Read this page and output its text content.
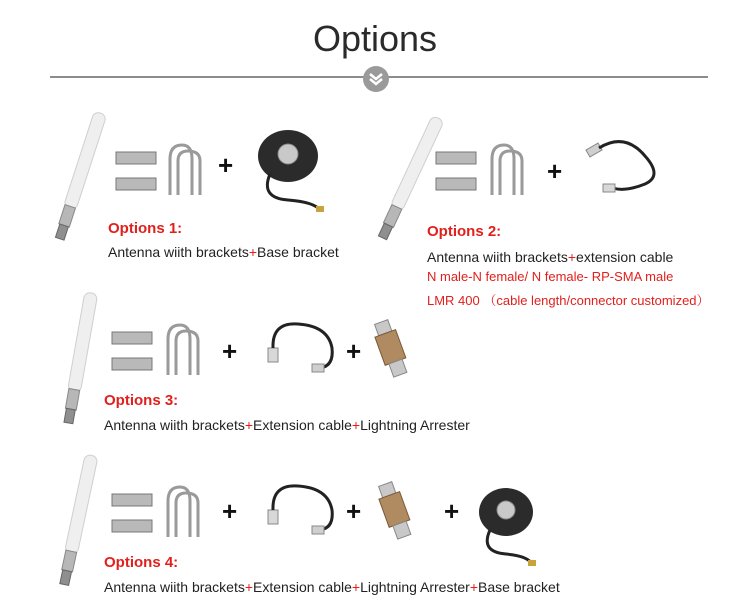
Options
+
Options 1:
Antenna wiith brackets+Base bracket
+
Options 2:
Antenna wiith brackets+extension cable
N male-N female/ N female- RP-SMA male
LMR 400 （cable length/connector customized）
+	+
Options 3:
Antenna wiith brackets+Extension cable+Lightning Arrester
+	+	+
Options 4:
Antenna wiith brackets+Extension cable+Lightning Arrester+Base bracket
